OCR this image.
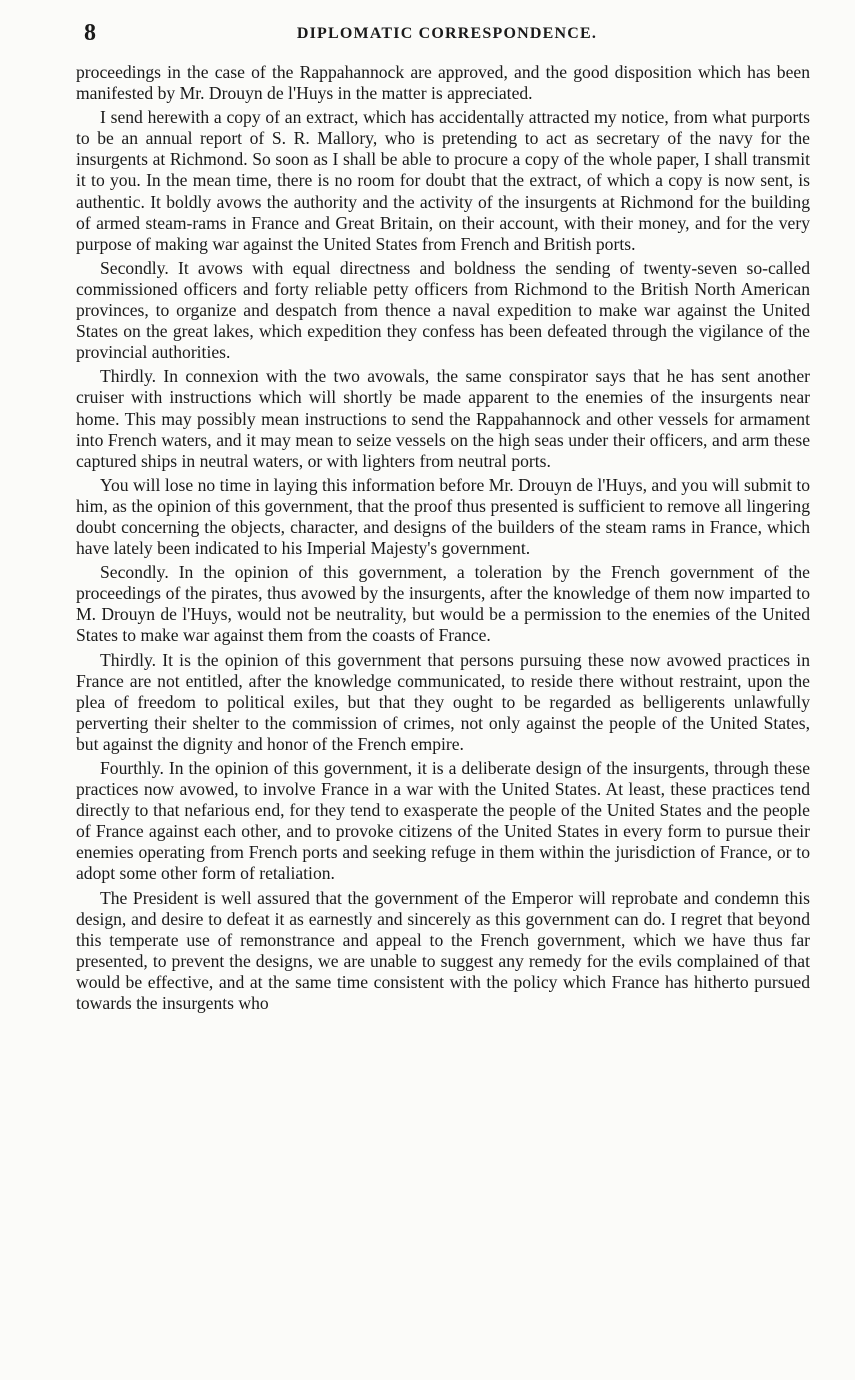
8	DIPLOMATIC CORRESPONDENCE.

proceedings in the case of the Rappahannock are approved, and the good disposition which has been manifested by Mr. Drouyn de l'Huys in the matter is appreciated.

I send herewith a copy of an extract, which has accidentally attracted my notice, from what purports to be an annual report of S. R. Mallory, who is pretending to act as secretary of the navy for the insurgents at Richmond. So soon as I shall be able to procure a copy of the whole paper, I shall transmit it to you. In the mean time, there is no room for doubt that the extract, of which a copy is now sent, is authentic. It boldly avows the authority and the activity of the insurgents at Richmond for the building of armed steam-rams in France and Great Britain, on their account, with their money, and for the very purpose of making war against the United States from French and British ports.

Secondly. It avows with equal directness and boldness the sending of twenty-seven so-called commissioned officers and forty reliable petty officers from Richmond to the British North American provinces, to organize and despatch from thence a naval expedition to make war against the United States on the great lakes, which expedition they confess has been defeated through the vigilance of the provincial authorities.

Thirdly. In connexion with the two avowals, the same conspirator says that he has sent another cruiser with instructions which will shortly be made apparent to the enemies of the insurgents near home. This may possibly mean instructions to send the Rappahannock and other vessels for armament into French waters, and it may mean to seize vessels on the high seas under their officers, and arm these captured ships in neutral waters, or with lighters from neutral ports.

You will lose no time in laying this information before Mr. Drouyn de l'Huys, and you will submit to him, as the opinion of this government, that the proof thus presented is sufficient to remove all lingering doubt concerning the objects, character, and designs of the builders of the steam rams in France, which have lately been indicated to his Imperial Majesty's government.

Secondly. In the opinion of this government, a toleration by the French government of the proceedings of the pirates, thus avowed by the insurgents, after the knowledge of them now imparted to M. Drouyn de l'Huys, would not be neutrality, but would be a permission to the enemies of the United States to make war against them from the coasts of France.

Thirdly. It is the opinion of this government that persons pursuing these now avowed practices in France are not entitled, after the knowledge communicated, to reside there without restraint, upon the plea of freedom to political exiles, but that they ought to be regarded as belligerents unlawfully perverting their shelter to the commission of crimes, not only against the people of the United States, but against the dignity and honor of the French empire.

Fourthly. In the opinion of this government, it is a deliberate design of the insurgents, through these practices now avowed, to involve France in a war with the United States. At least, these practices tend directly to that nefarious end, for they tend to exasperate the people of the United States and the people of France against each other, and to provoke citizens of the United States in every form to pursue their enemies operating from French ports and seeking refuge in them within the jurisdiction of France, or to adopt some other form of retaliation.

The President is well assured that the government of the Emperor will reprobate and condemn this design, and desire to defeat it as earnestly and sincerely as this government can do. I regret that beyond this temperate use of remonstrance and appeal to the French government, which we have thus far presented, to prevent the designs, we are unable to suggest any remedy for the evils complained of that would be effective, and at the same time consistent with the policy which France has hitherto pursued towards the insurgents who
